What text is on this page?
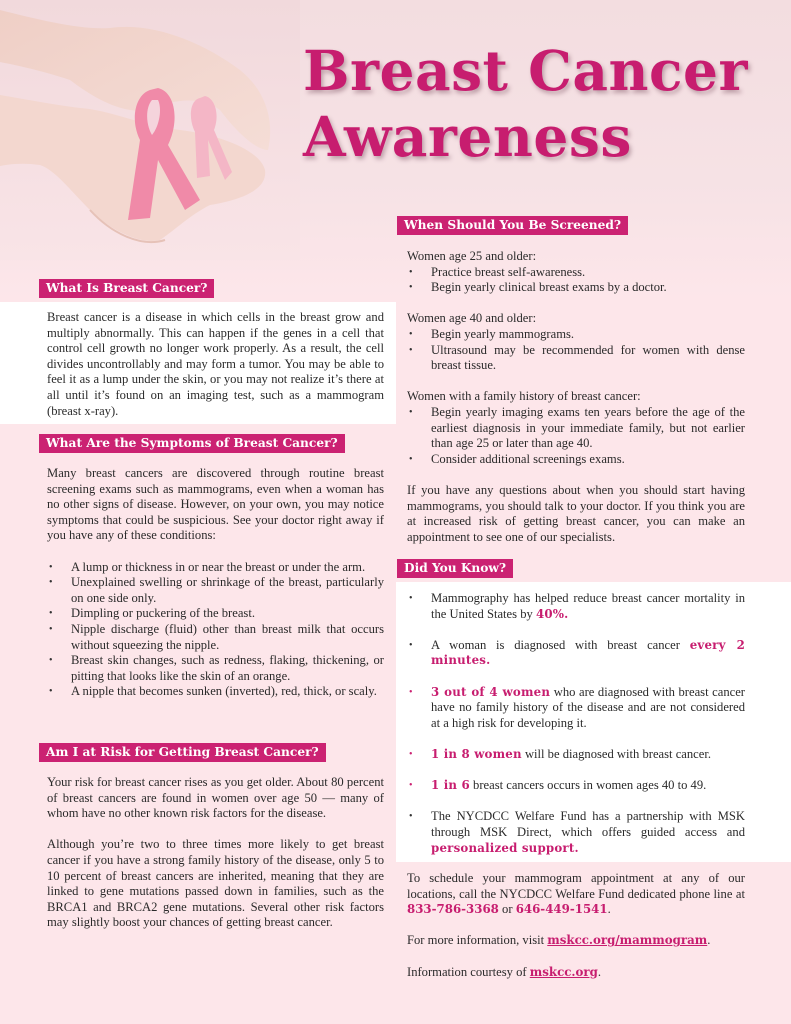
Breast Cancer
Awareness
What Is Breast Cancer?

Breast cancer is a disease in which cells in the breast grow and multiply abnormally. This can happen if the genes in a cell that control cell growth no longer work properly. As a result, the cell divides uncontrollably and may form a tumor. You may be able to feel it as a lump under the skin, or you may not realize it’s there at all until it’s found on an imaging test, such as a mammogram (breast x-ray).

What Are the Symptoms of Breast Cancer?

Many breast cancers are discovered through routine breast screening exams such as mammograms, even when a woman has no other signs of disease. However, on your own, you may notice symptoms that could be suspicious. See your doctor right away if you have any of these conditions:

• A lump or thickness in or near the breast or under the arm.
• Unexplained swelling or shrinkage of the breast, particularly on one side only.
• Dimpling or puckering of the breast.
• Nipple discharge (fluid) other than breast milk that occurs without squeezing the nipple.
• Breast skin changes, such as redness, flaking, thickening, or pitting that looks like the skin of an orange.
• A nipple that becomes sunken (inverted), red, thick, or scaly.
Am I at Risk for Getting Breast Cancer?

Your risk for breast cancer rises as you get older. About 80 percent of breast cancers are found in women over age 50 — many of whom have no other known risk factors for the disease.

Although you’re two to three times more likely to get breast cancer if you have a strong family history of the disease, only 5 to 10 percent of breast cancers are inherited, meaning that they are linked to gene mutations passed down in families, such as the BRCA1 and BRCA2 gene mutations. Several other risk factors may slightly boost your chances of getting breast cancer.

When Should You Be Screened?

Women age 25 and older:

• Practice breast self-awareness.
• Begin yearly clinical breast exams by a doctor.

Women age 40 and older:

• Begin yearly mammograms.
• Ultrasound may be recommended for women with dense breast tissue.

Women with a family history of breast cancer:

• Begin yearly imaging exams ten years before the age of the earliest diagnosis in your immediate family, but not earlier than age 25 or later than age 40.
• Consider additional screenings exams.

If you have any questions about when you should start having mammograms, you should talk to your doctor. If you think you are at increased risk of getting breast cancer, you can make an appointment to see one of our specialists.

Did You Know?
• Mammography has helped reduce breast cancer mortality in the United States by 40%.
• A woman is diagnosed with breast cancer every 2 minutes.
• 3 out of 4 women who are diagnosed with breast cancer have no family history of the disease and are not considered at a high risk for developing it.
• 1 in 8 women will be diagnosed with breast cancer.
• 1 in 6 breast cancers occurs in women ages 40 to 49.
• The NYCDCC Welfare Fund has a partnership with MSK through MSK Direct, which offers guided access and personalized support.

To schedule your mammogram appointment at any of our locations, call the NYCDCC Welfare Fund dedicated phone line at 833-786-3368 or 646-449-1541.

For more information, visit mskcc.org/mammogram.

Information courtesy of mskcc.org.
